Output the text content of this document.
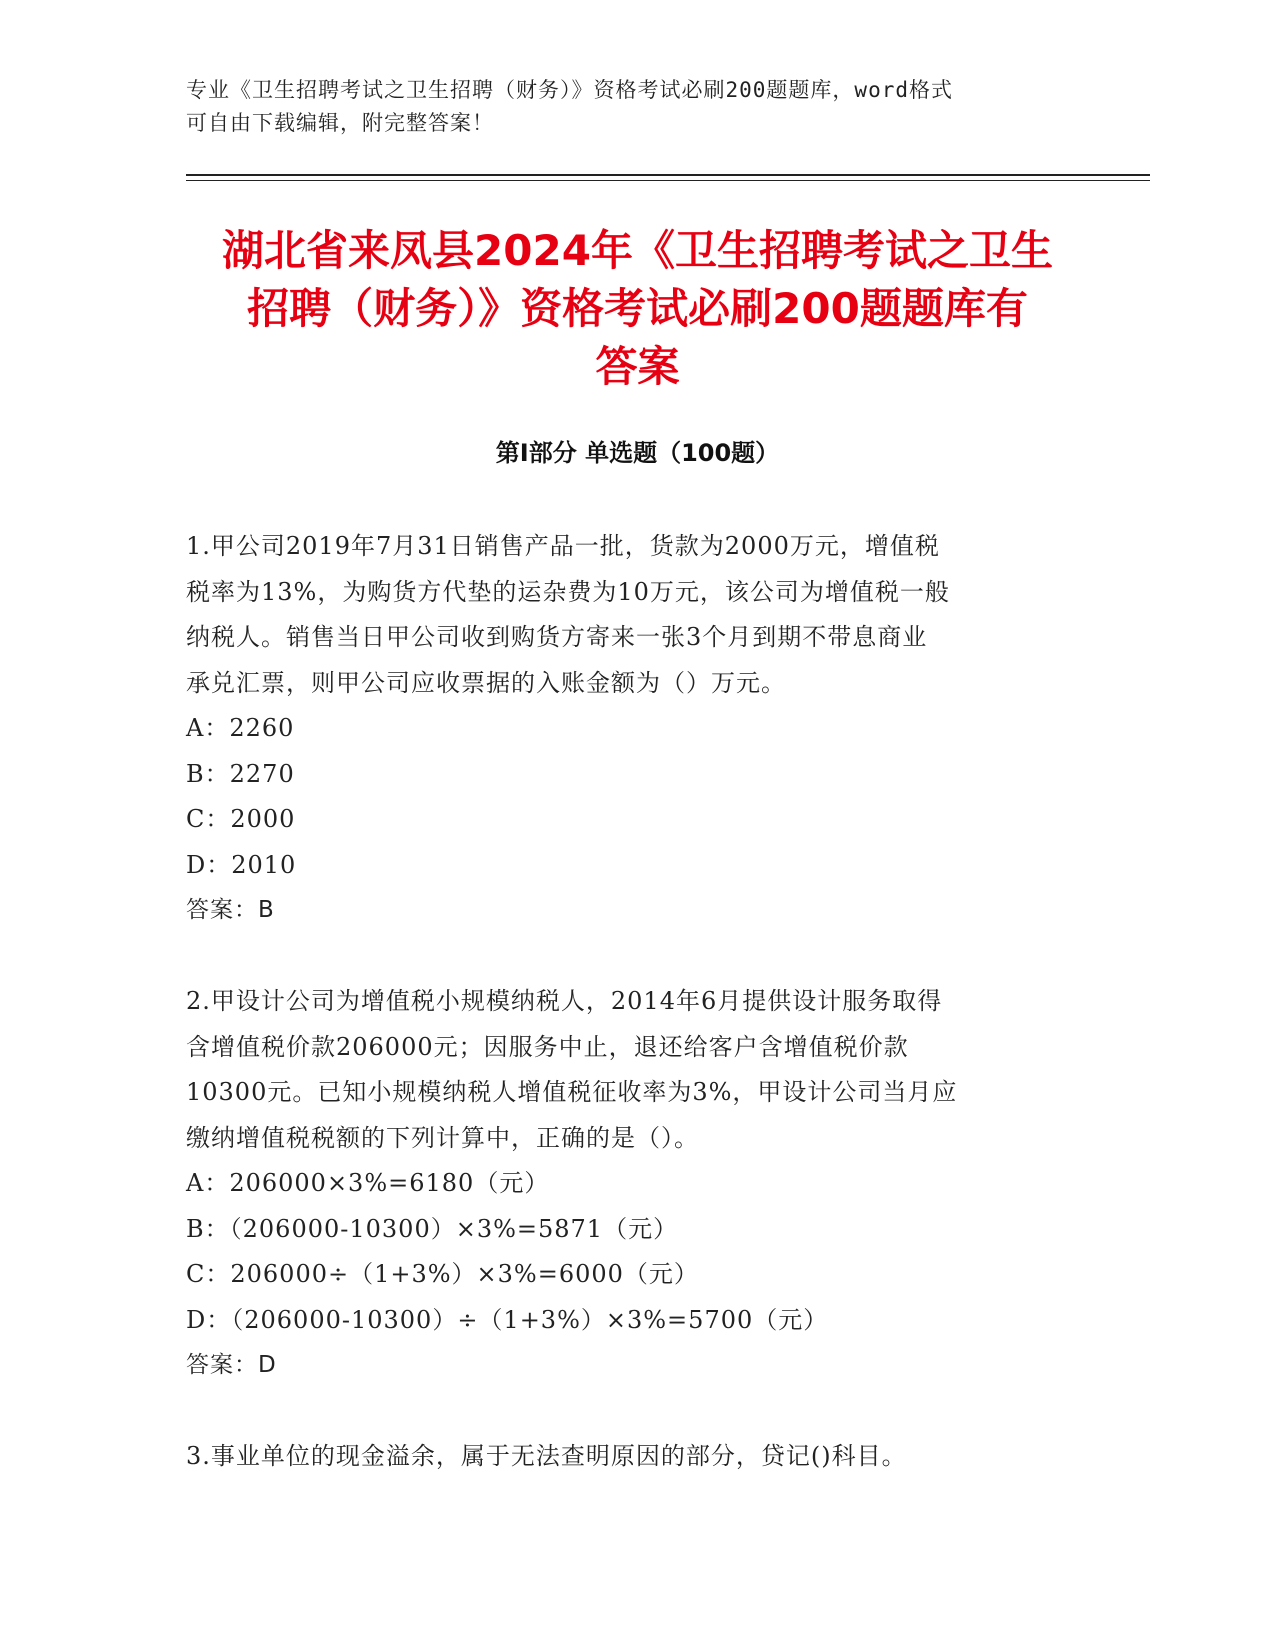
专业《卫生招聘考试之卫生招聘（财务）》资格考试必刷200题题库，word格式
可自由下载编辑，附完整答案！
湖北省来凤县2024年《卫生招聘考试之卫生
招聘（财务）》资格考试必刷200题题库有
答案
第Ⅰ部分 单选题（100题）

1.甲公司2019年7月31日销售产品一批，货款为2000万元，增值税

税率为13%，为购货方代垫的运杂费为10万元，该公司为增值税一般

纳税人。销售当日甲公司收到购货方寄来一张3个月到期不带息商业

承兑汇票，则甲公司应收票据的入账金额为（）万元。

A：2260

B：2270

C：2000

D：2010

答案：B

2.甲设计公司为增值税小规模纳税人，2014年6月提供设计服务取得

含增值税价款206000元；因服务中止，退还给客户含增值税价款

10300元。已知小规模纳税人增值税征收率为3%，甲设计公司当月应

缴纳增值税税额的下列计算中，正确的是（）。

A：206000×3%=6180（元）

B：（206000-10300）×3%=5871（元）

C：206000÷（1+3%）×3%=6000（元）

D：（206000-10300）÷（1+3%）×3%=5700（元）

答案：D

3.事业单位的现金溢余，属于无法查明原因的部分，贷记()科目。
